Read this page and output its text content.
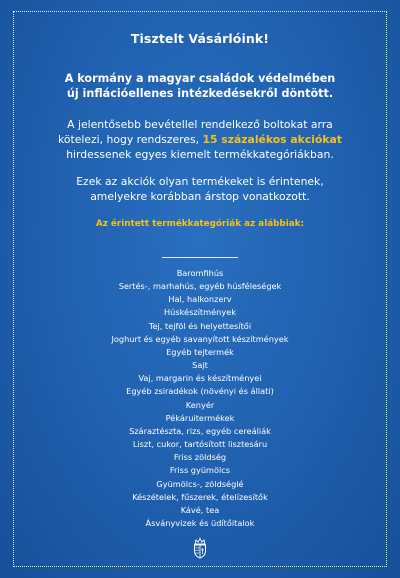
Tisztelt Vásárlóink!
A kormány a magyar családok védelmében
új inflációellenes intézkedésekről döntött.
A jelentősebb bevétellel rendelkező boltokat arra
kötelezi, hogy rendszeres, 15 százalékos akciókat
hirdessenek egyes kiemelt termékkategóriákban.
Ezek az akciók olyan termékeket is érintenek,
amelyekre korábban árstop vonatkozott.
Az érintett termékkategóriák az alábbiak:
Baromfihús
Sertés-, marhahús, egyéb húsféleségek
Hal, halkonzerv
Húskészítmények
Tej, tejföl és helyettesítői
Joghurt és egyéb savanyított készítmények
Egyéb tejtermék
Sajt
Vaj, margarin és készítményei
Egyéb zsiradékok (növényi és állati)
Kenyér
Pékáruitermékek
Száraztészta, rizs, egyéb cereáliák
Liszt, cukor, tartósított lisztesáru
Friss zöldség
Friss gyümölcs
Gyümölcs-, zöldséglé
Készételek, fűszerek, ételízesítők
Kávé, tea
Ásványvizek és üdítőitalok
